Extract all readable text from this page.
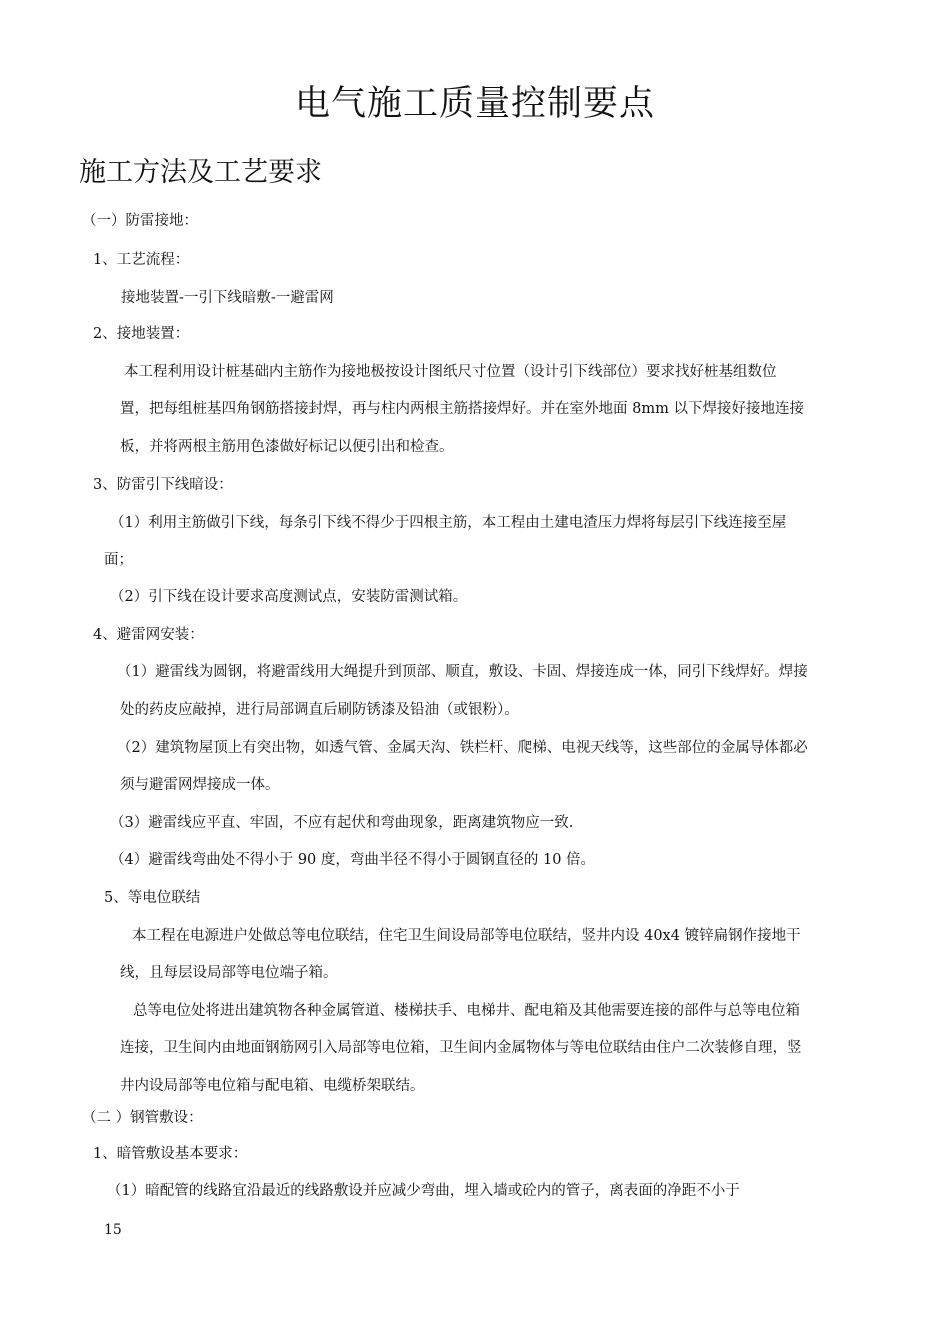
电气施工质量控制要点
施工方法及工艺要求
（一）防雷接地：
1、工艺流程：
接地装置-一引下线暗敷-一避雷网
2、接地装置：
本工程利用设计桩基础内主筋作为接地极按设计图纸尺寸位置（设计引下线部位）要求找好桩基组数位
置，把每组桩基四角钢筋搭接封焊，再与柱内两根主筋搭接焊好。并在室外地面 8mm 以下焊接好接地连接
板，并将两根主筋用色漆做好标记以便引出和检查。
3、防雷引下线暗设：
（1）利用主筋做引下线，每条引下线不得少于四根主筋，本工程由土建电渣压力焊将每层引下线连接至屋
面；
（2）引下线在设计要求高度测试点，安装防雷测试箱。
4、避雷网安装：
（1）避雷线为圆钢，将避雷线用大绳提升到顶部、顺直，敷设、卡固、焊接连成一体，同引下线焊好。焊接
处的药皮应敲掉，进行局部调直后刷防锈漆及铅油（或银粉）。
（2）建筑物屋顶上有突出物，如透气管、金属天沟、铁栏杆、爬梯、电视天线等，这些部位的金属导体都必
须与避雷网焊接成一体。
（3）避雷线应平直、牢固，不应有起伏和弯曲现象，距离建筑物应一致.
（4）避雷线弯曲处不得小于 90 度，弯曲半径不得小于圆钢直径的 10 倍。
5、等电位联结
本工程在电源进户处做总等电位联结，住宅卫生间设局部等电位联结，竖井内设 40x4 镀锌扁钢作接地干
线，且每层设局部等电位端子箱。
总等电位处将进出建筑物各种金属管道、楼梯扶手、电梯井、配电箱及其他需要连接的部件与总等电位箱
连接，卫生间内由地面钢筋网引入局部等电位箱，卫生间内金属物体与等电位联结由住户二次装修自理，竖
井内设局部等电位箱与配电箱、电缆桥架联结。
（二 ）钢管敷设：
1、暗管敷设基本要求：
（1）暗配管的线路宜沿最近的线路敷设并应减少弯曲，埋入墙或砼内的管子，离表面的净距不小于
15
